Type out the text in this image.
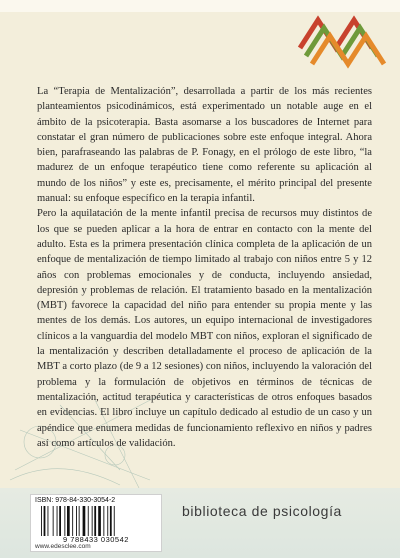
La “Terapia de Mentalización”, desarrollada a partir de los más recientes planteamientos psicodinámicos, está experimentado un notable auge en el ámbito de la psicoterapia. Basta asomarse a los buscadores de Internet para constatar el gran número de publicaciones sobre este enfoque integral. Ahora bien, parafraseando las palabras de P. Fonagy, en el prólogo de este libro, “la madurez de un enfoque terapéutico tiene como referente su aplicación al mundo de los niños” y este es, precisamente, el mérito principal del presente manual: su enfoque específico en la terapia infantil.

Pero la aquilatación de la mente infantil precisa de recursos muy distintos de los que se pueden aplicar a la hora de entrar en contacto con la mente del adulto. Esta es la primera presentación clínica completa de la aplicación de un enfoque de mentalización de tiempo limitado al trabajo con niños entre 5 y 12 años con problemas emocionales y de conducta, incluyendo ansiedad, depresión y problemas de relación. El tratamiento basado en la mentalización (MBT) favorece la capacidad del niño para entender su propia mente y las mentes de los demás. Los autores, un equipo internacional de investigadores clínicos a la vanguardia del modelo MBT con niños, exploran el significado de la mentalización y describen detalladamente el proceso de aplicación de la MBT a corto plazo (de 9 a 12 sesiones) con niños, incluyendo la valoración del problema y la formulación de objetivos en términos de técnicas de mentalización, actitud terapéutica y características de otros enfoques basados en evidencias. El libro incluye un capítulo dedicado al estudio de un caso y un apéndice que enumera medidas de funcionamiento reflexivo en niños y padres así como artículos de validación.

ISBN: 978-84-330-3054-2
9 788433 030542
www.edesclee.com
biblioteca de psicología
